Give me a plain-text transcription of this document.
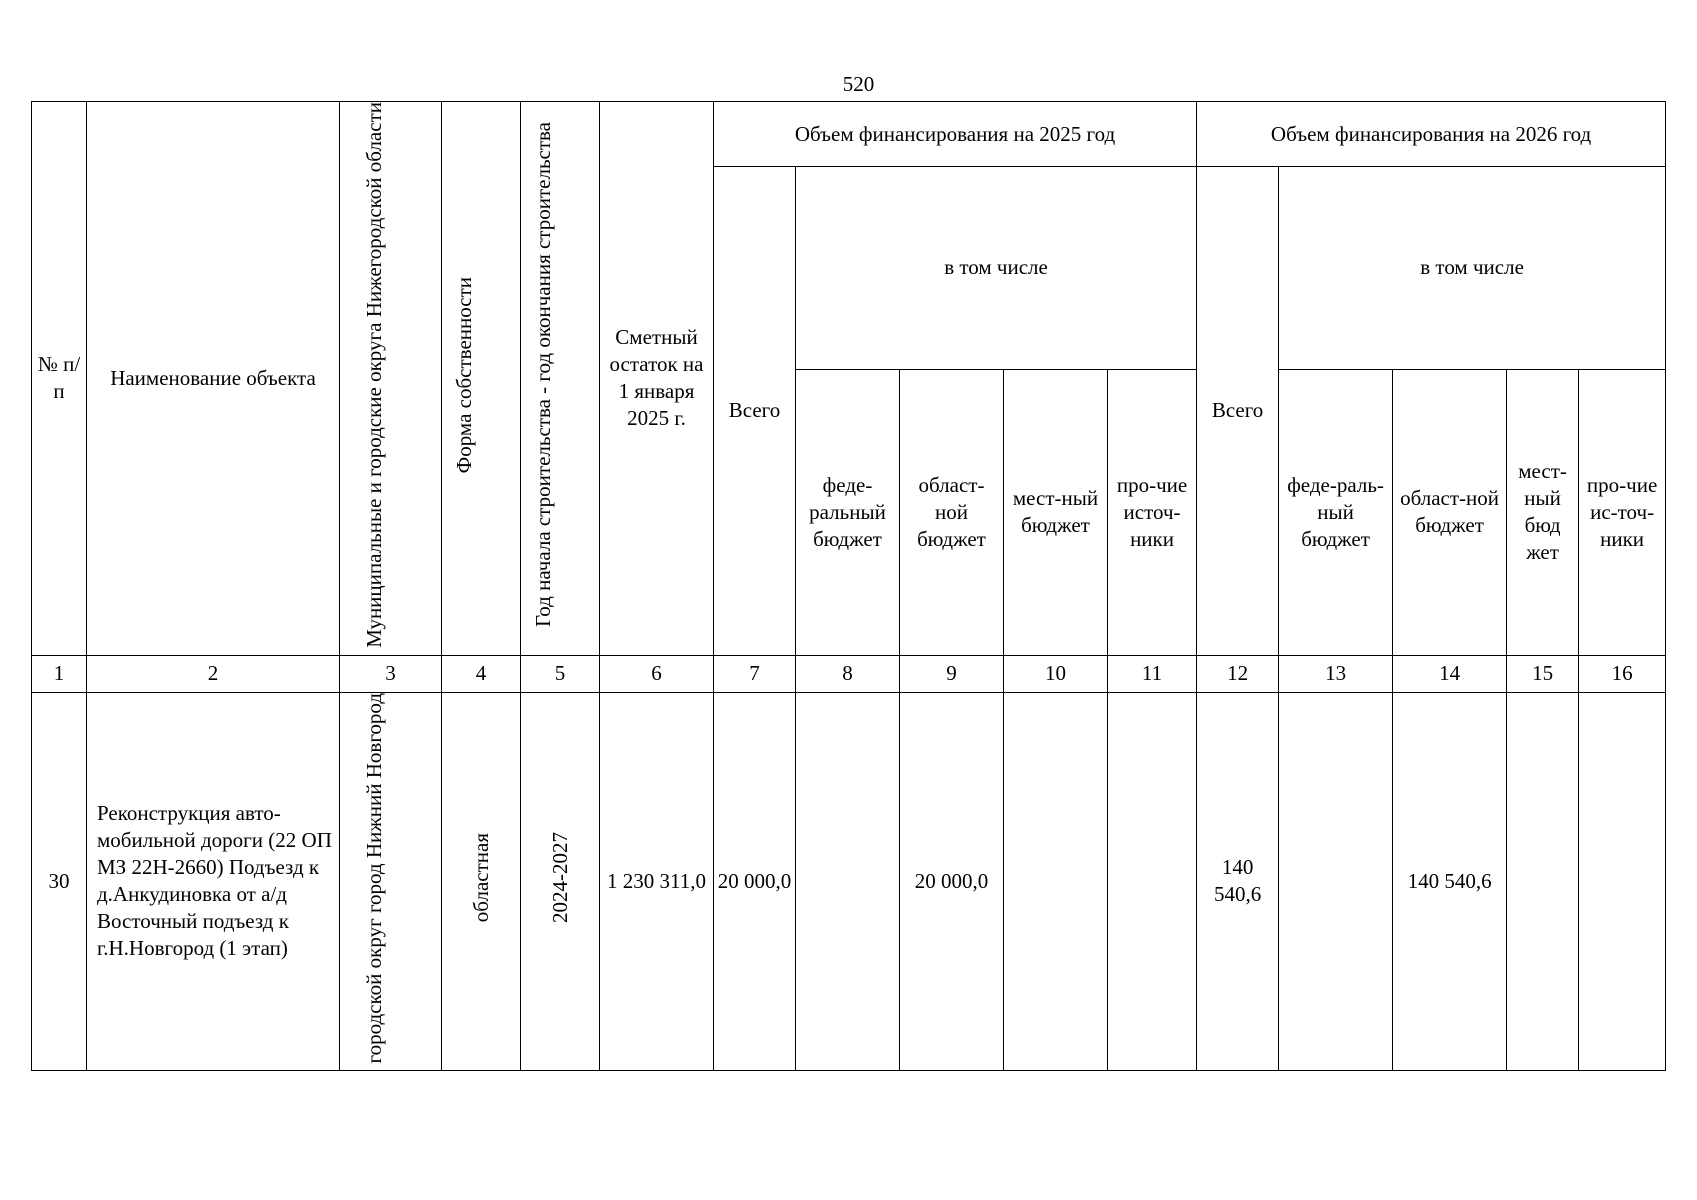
520
№ п/п	Наименование объекта	Муниципальные и городские округа Нижегородской области	Форма собственности	Год начала строительства - год окончания строительства	Сметный остаток на 1 января 2025 г.	Объем финансирования на 2025 год					Объем финансирования на 2026 год				
						Всего	в том числе				Всего	в том числе			
							феде-ральный бюджет	област-ной бюджет	мест-ный бюджет	про-чие источ-ники		феде-раль-ный бюджет	област-ной бюджет	мест-ный бюд жет	про-чие ис-точ-ники
1	2	3	4	5	6	7	8	9	10	11	12	13	14	15	16
30	Реконструкция авто-мобильной дороги (22 ОП МЗ 22Н-2660) Подъезд к д.Анкудиновка от а/д Восточный подъезд к г.Н.Новгород (1 этап)	городской округ город Нижний Новгород	областная	2024-2027	1 230 311,0	20 000,0		20 000,0			140 540,6		140 540,6		
